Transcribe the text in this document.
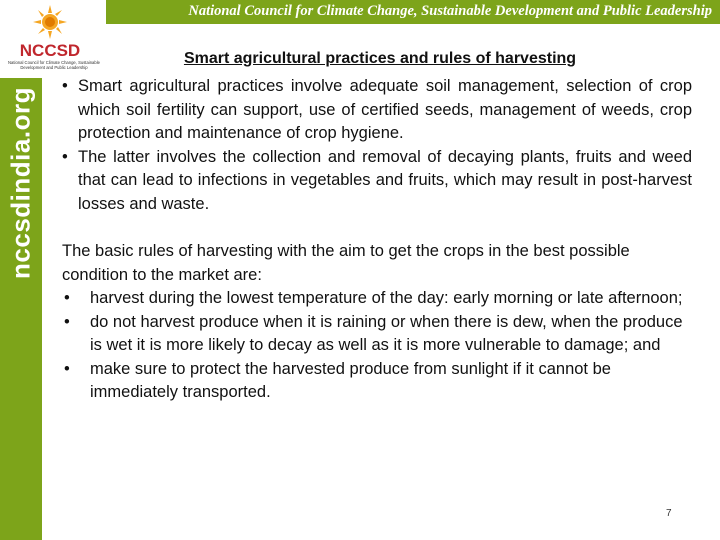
National Council for Climate Change, Sustainable Development and Public Leadership
NCCSD
National Council for Climate Change, Sustainable Development and Public Leadership
nccsdindia.org
Smart agricultural practices and rules of harvesting
• Smart agricultural practices involve adequate soil management, selection of crop which soil fertility can support, use of certified seeds, management of weeds, crop protection and maintenance of crop hygiene.
• The latter involves the collection and removal of decaying plants, fruits and weed that can lead to infections in vegetables and fruits, which may result in post-harvest losses and waste.
The basic rules of harvesting with the aim to get the crops in the best possible condition to the market are:
• harvest during the lowest temperature of the day: early morning or late afternoon;
• do not harvest produce when it is raining or when there is dew, when the produce is wet it is more likely to decay as well as it is more vulnerable to damage; and
• make sure to protect the harvested produce from sunlight if it cannot be immediately transported.
7
